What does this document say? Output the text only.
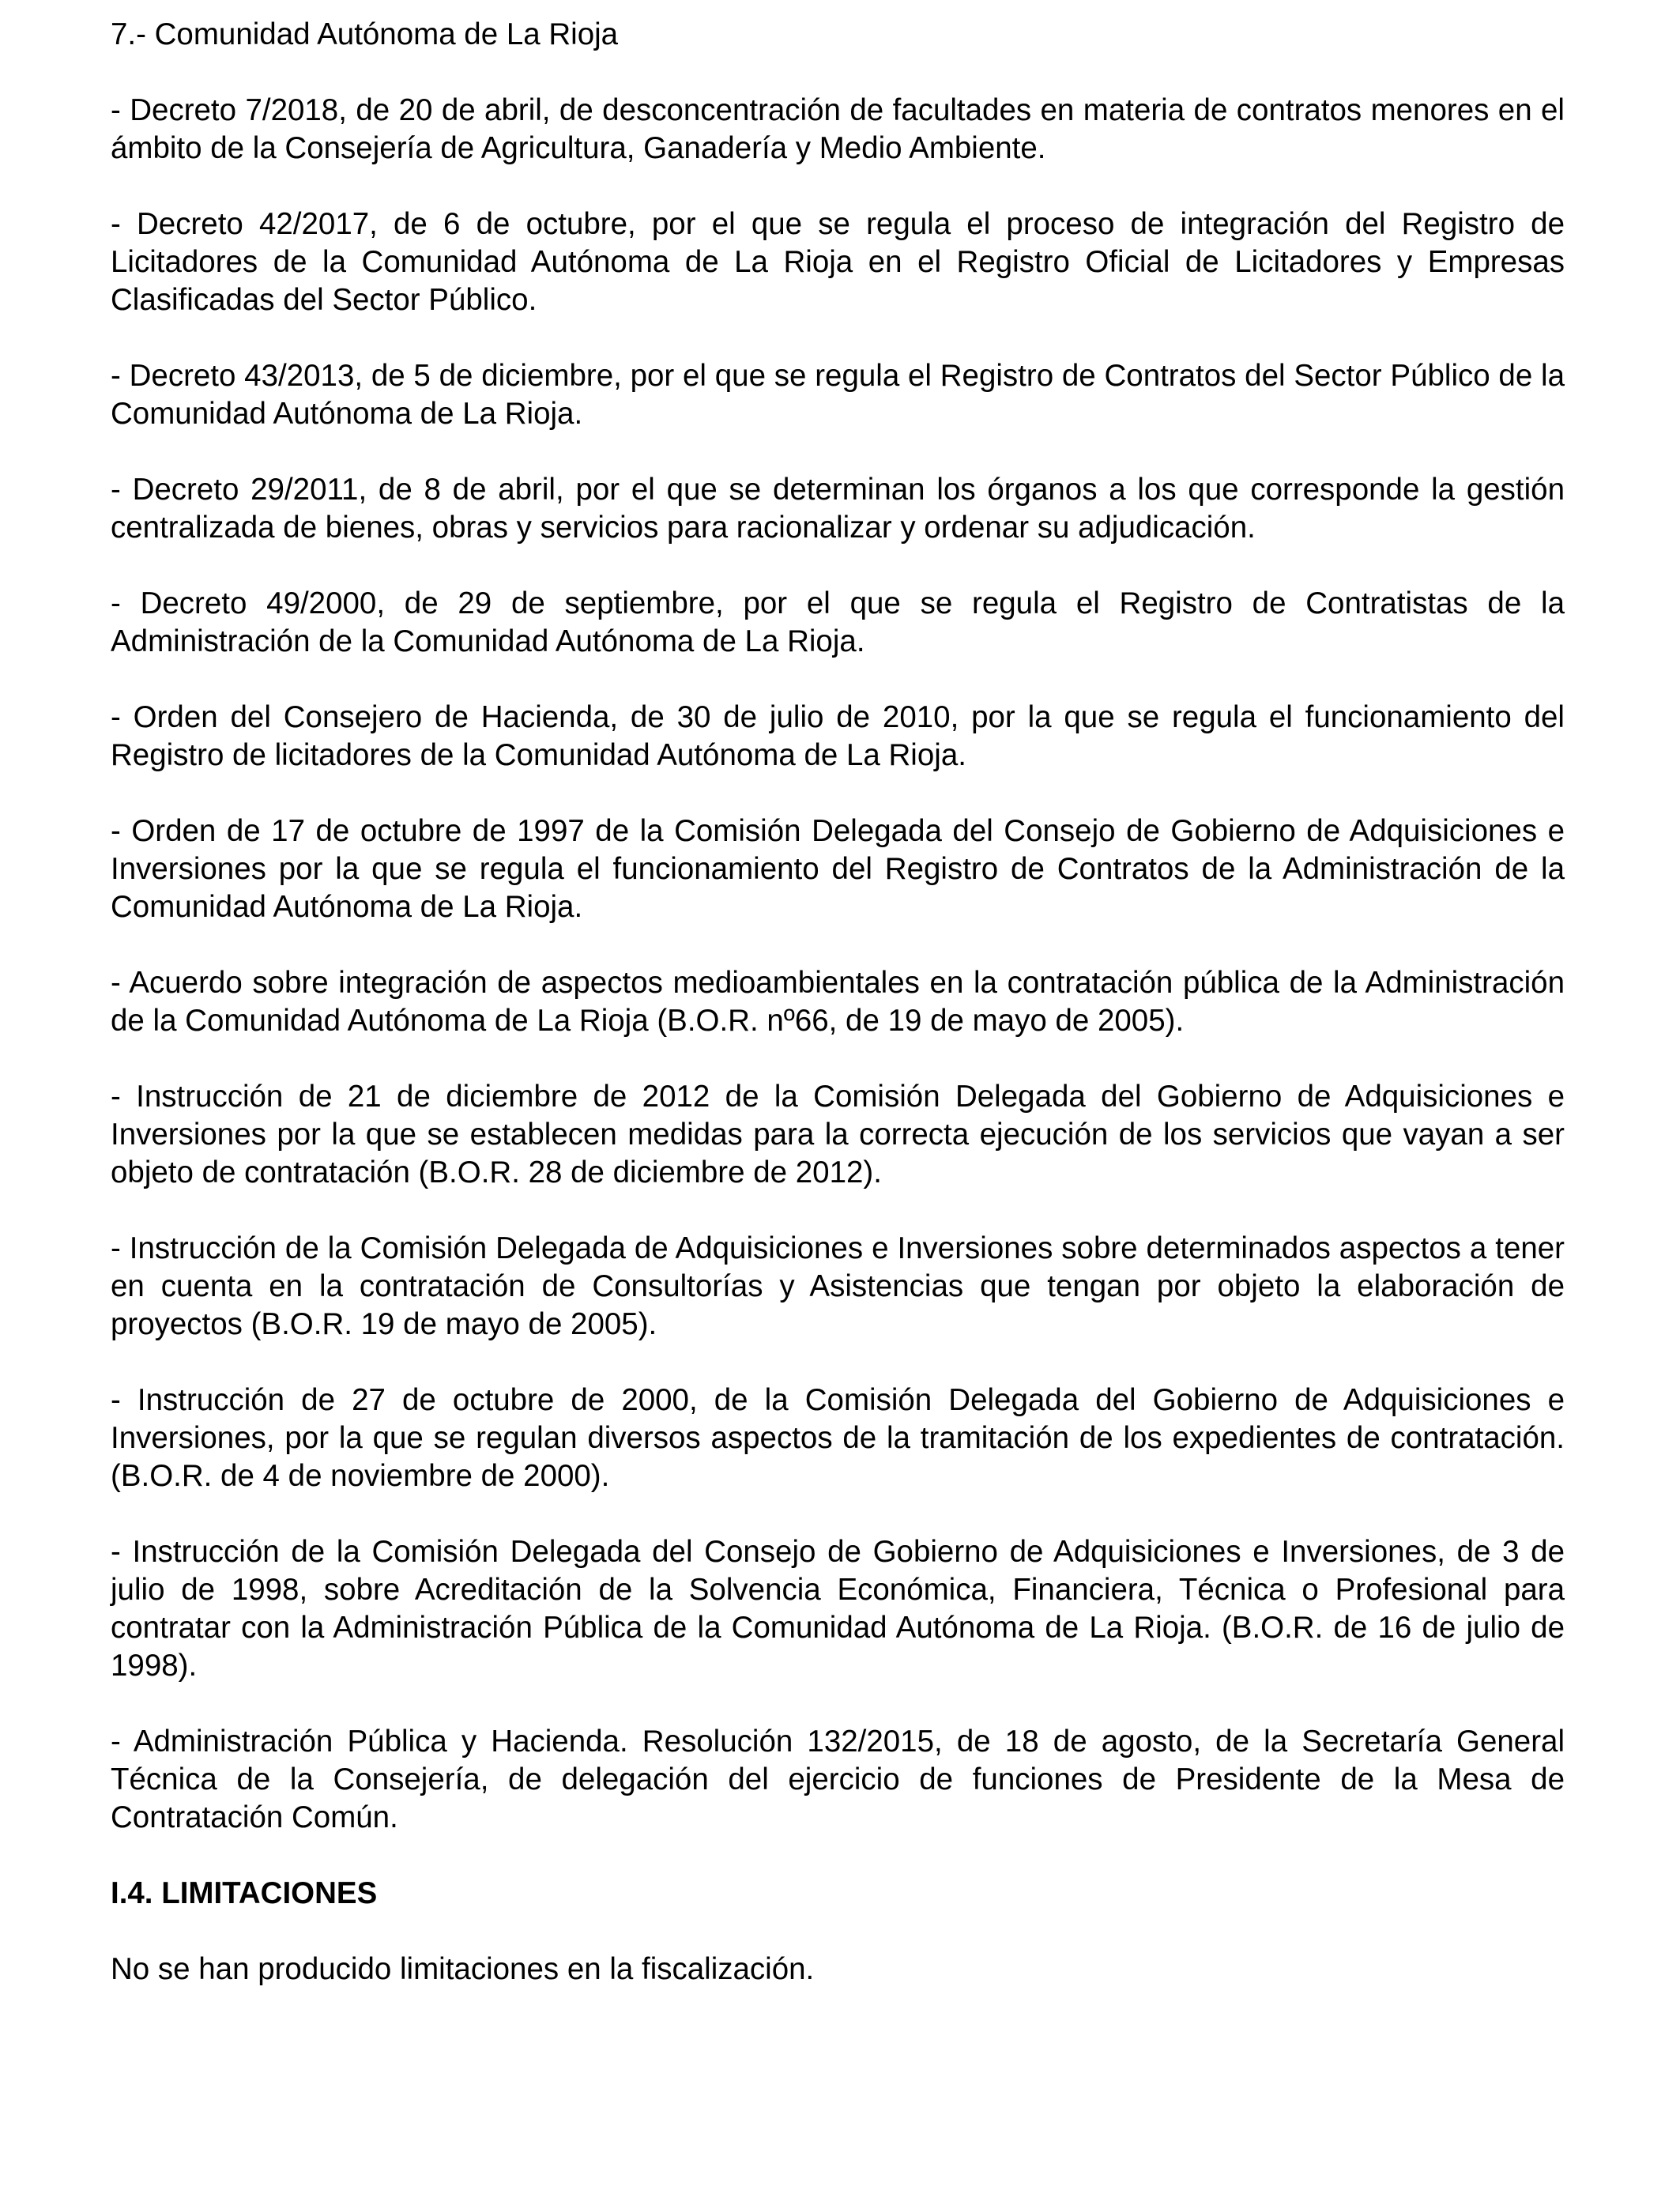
7.- Comunidad Autónoma de La Rioja

- Decreto 7/2018, de 20 de abril, de desconcentración de facultades en materia de contratos menores en el ámbito de la Consejería de Agricultura, Ganadería y Medio Ambiente.

- Decreto 42/2017, de 6 de octubre, por el que se regula el proceso de integración del Registro de Licitadores de la Comunidad Autónoma de La Rioja en el Registro Oficial de Licitadores y Empresas Clasificadas del Sector Público.

- Decreto 43/2013, de 5 de diciembre, por el que se regula el Registro de Contratos del Sector Público de la Comunidad Autónoma de La Rioja.

- Decreto 29/2011, de 8 de abril, por el que se determinan los órganos a los que corresponde la gestión centralizada de bienes, obras y servicios para racionalizar y ordenar su adjudicación.

- Decreto 49/2000, de 29 de septiembre, por el que se regula el Registro de Contratistas de la Administración de la Comunidad Autónoma de La Rioja.

- Orden del Consejero de Hacienda, de 30 de julio de 2010, por la que se regula el funcionamiento del Registro de licitadores de la Comunidad Autónoma de La Rioja.

- Orden de 17 de octubre de 1997 de la Comisión Delegada del Consejo de Gobierno de Adquisiciones e Inversiones por la que se regula el funcionamiento del Registro de Contratos de la Administración de la Comunidad Autónoma de La Rioja.

- Acuerdo sobre integración de aspectos medioambientales en la contratación pública de la Administración de la Comunidad Autónoma de La Rioja (B.O.R. nº66, de 19 de mayo de 2005).

- Instrucción de 21 de diciembre de 2012 de la Comisión Delegada del Gobierno de Adquisiciones e Inversiones por la que se establecen medidas para la correcta ejecución de los servicios que vayan a ser objeto de contratación (B.O.R. 28 de diciembre de 2012).

- Instrucción de la Comisión Delegada de Adquisiciones e Inversiones sobre determinados aspectos a tener en cuenta en la contratación de Consultorías y Asistencias que tengan por objeto la elaboración de proyectos (B.O.R. 19 de mayo de 2005).

- Instrucción de 27 de octubre de 2000, de la Comisión Delegada del Gobierno de Adquisiciones e Inversiones, por la que se regulan diversos aspectos de la tramitación de los expedientes de contratación. (B.O.R. de 4 de noviembre de 2000).

- Instrucción de la Comisión Delegada del Consejo de Gobierno de Adquisiciones e Inversiones, de 3 de julio de 1998, sobre Acreditación de la Solvencia Económica, Financiera, Técnica o Profesional para contratar con la Administración Pública de la Comunidad Autónoma de La Rioja. (B.O.R. de 16 de julio de 1998).

- Administración Pública y Hacienda. Resolución 132/2015, de 18 de agosto, de la Secretaría General Técnica de la Consejería, de delegación del ejercicio de funciones de Presidente de la Mesa de Contratación Común.

I.4. LIMITACIONES

No se han producido limitaciones en la fiscalización.
